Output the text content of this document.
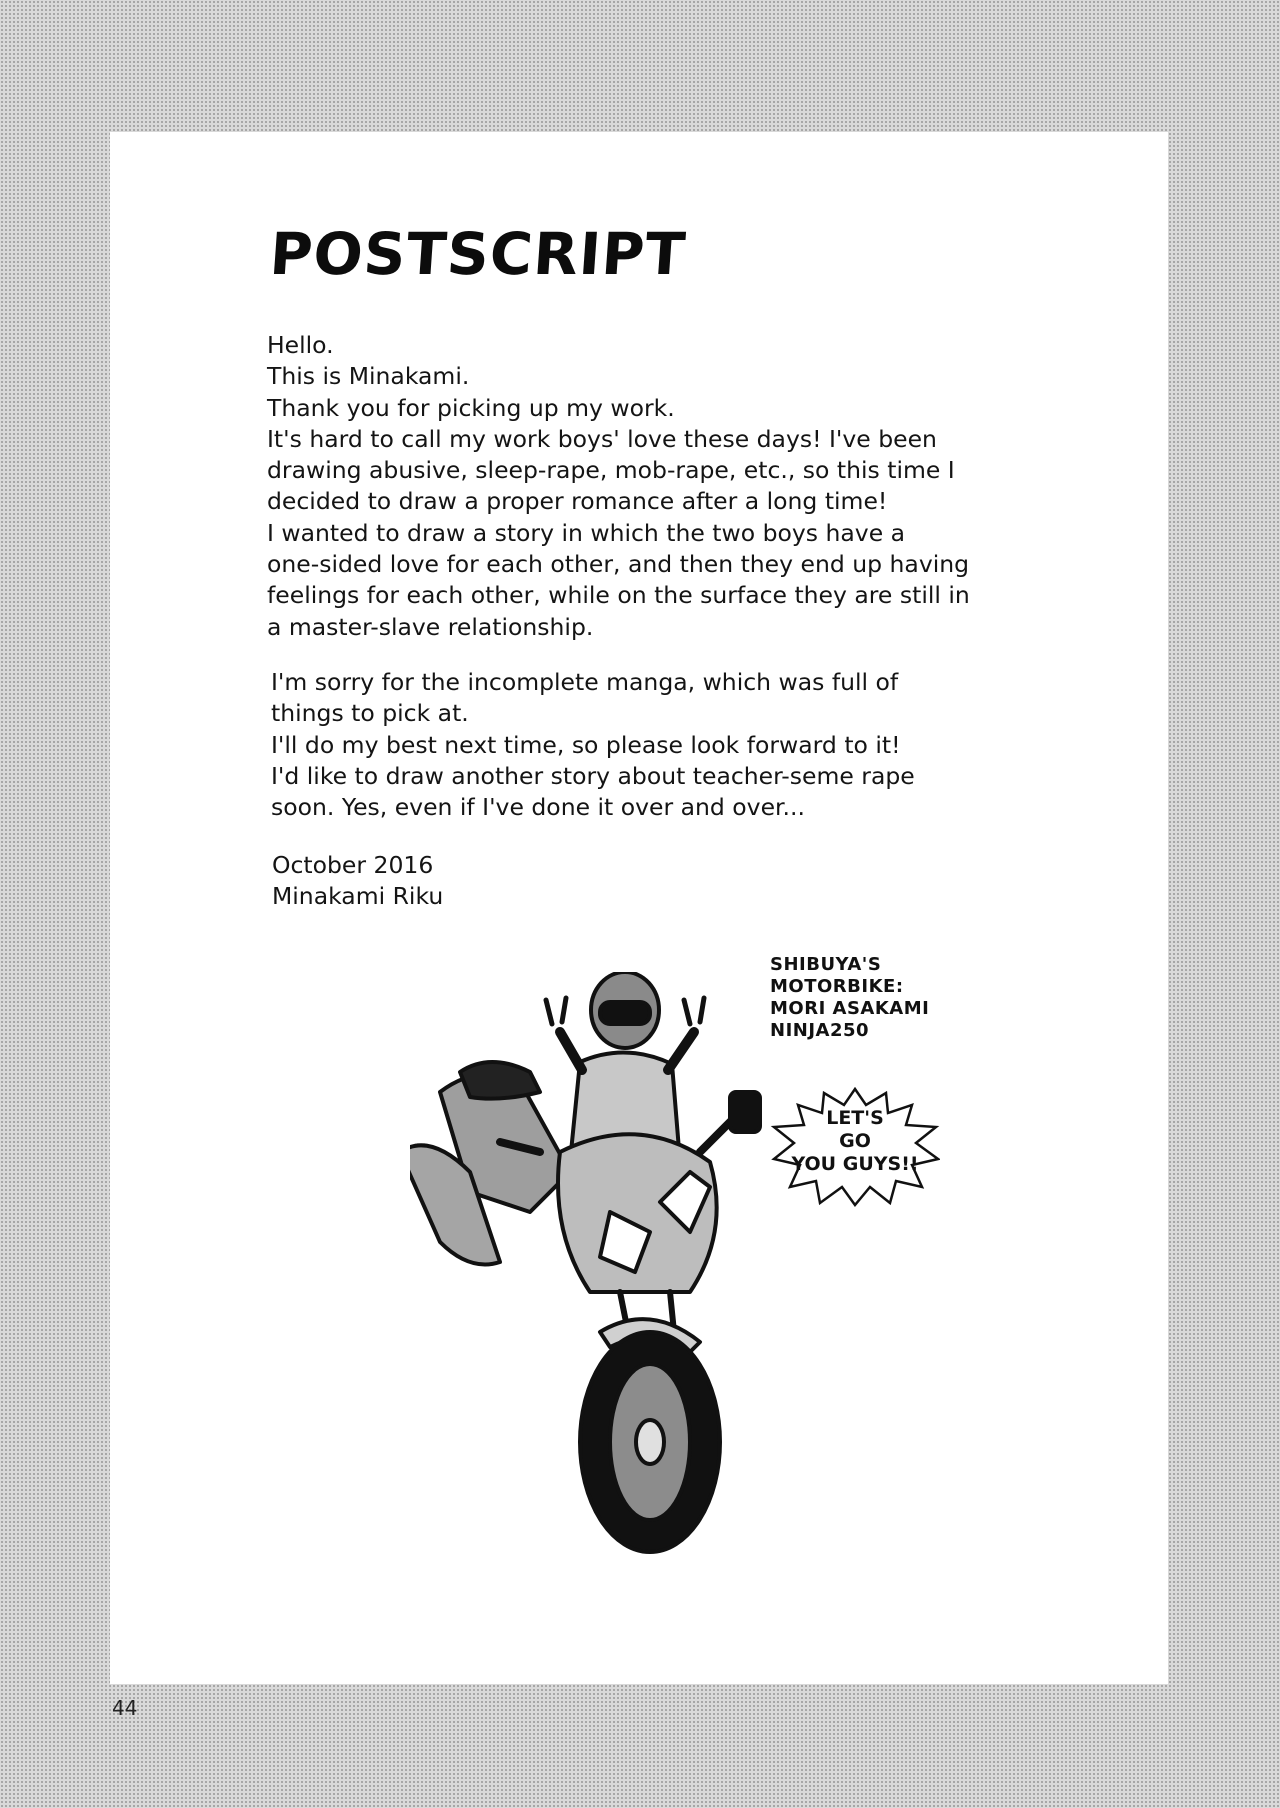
POSTSCRIPT

Hello.

This is Minakami.

Thank you for picking up my work.

It's hard to call my work boys' love these days! I've been

drawing abusive, sleep-rape, mob-rape, etc., so this time I

decided to draw a proper romance after a long time!

I wanted to draw a story in which the two boys have a

one-sided love for each other, and then they end up having

feelings for each other, while on the surface they are still in

a master-slave relationship.

I'm sorry for the incomplete manga, which was full of

things to pick at.

I'll do my best next time, so please look forward to it!

I'd like to draw another story about teacher-seme rape

soon. Yes, even if I've done it over and over...

October 2016

Minakami Riku

SHIBUYA'S

MOTORBIKE:

MORI ASAKAMI

NINJA250

LET'S

GO

YOU GUYS!!

44
